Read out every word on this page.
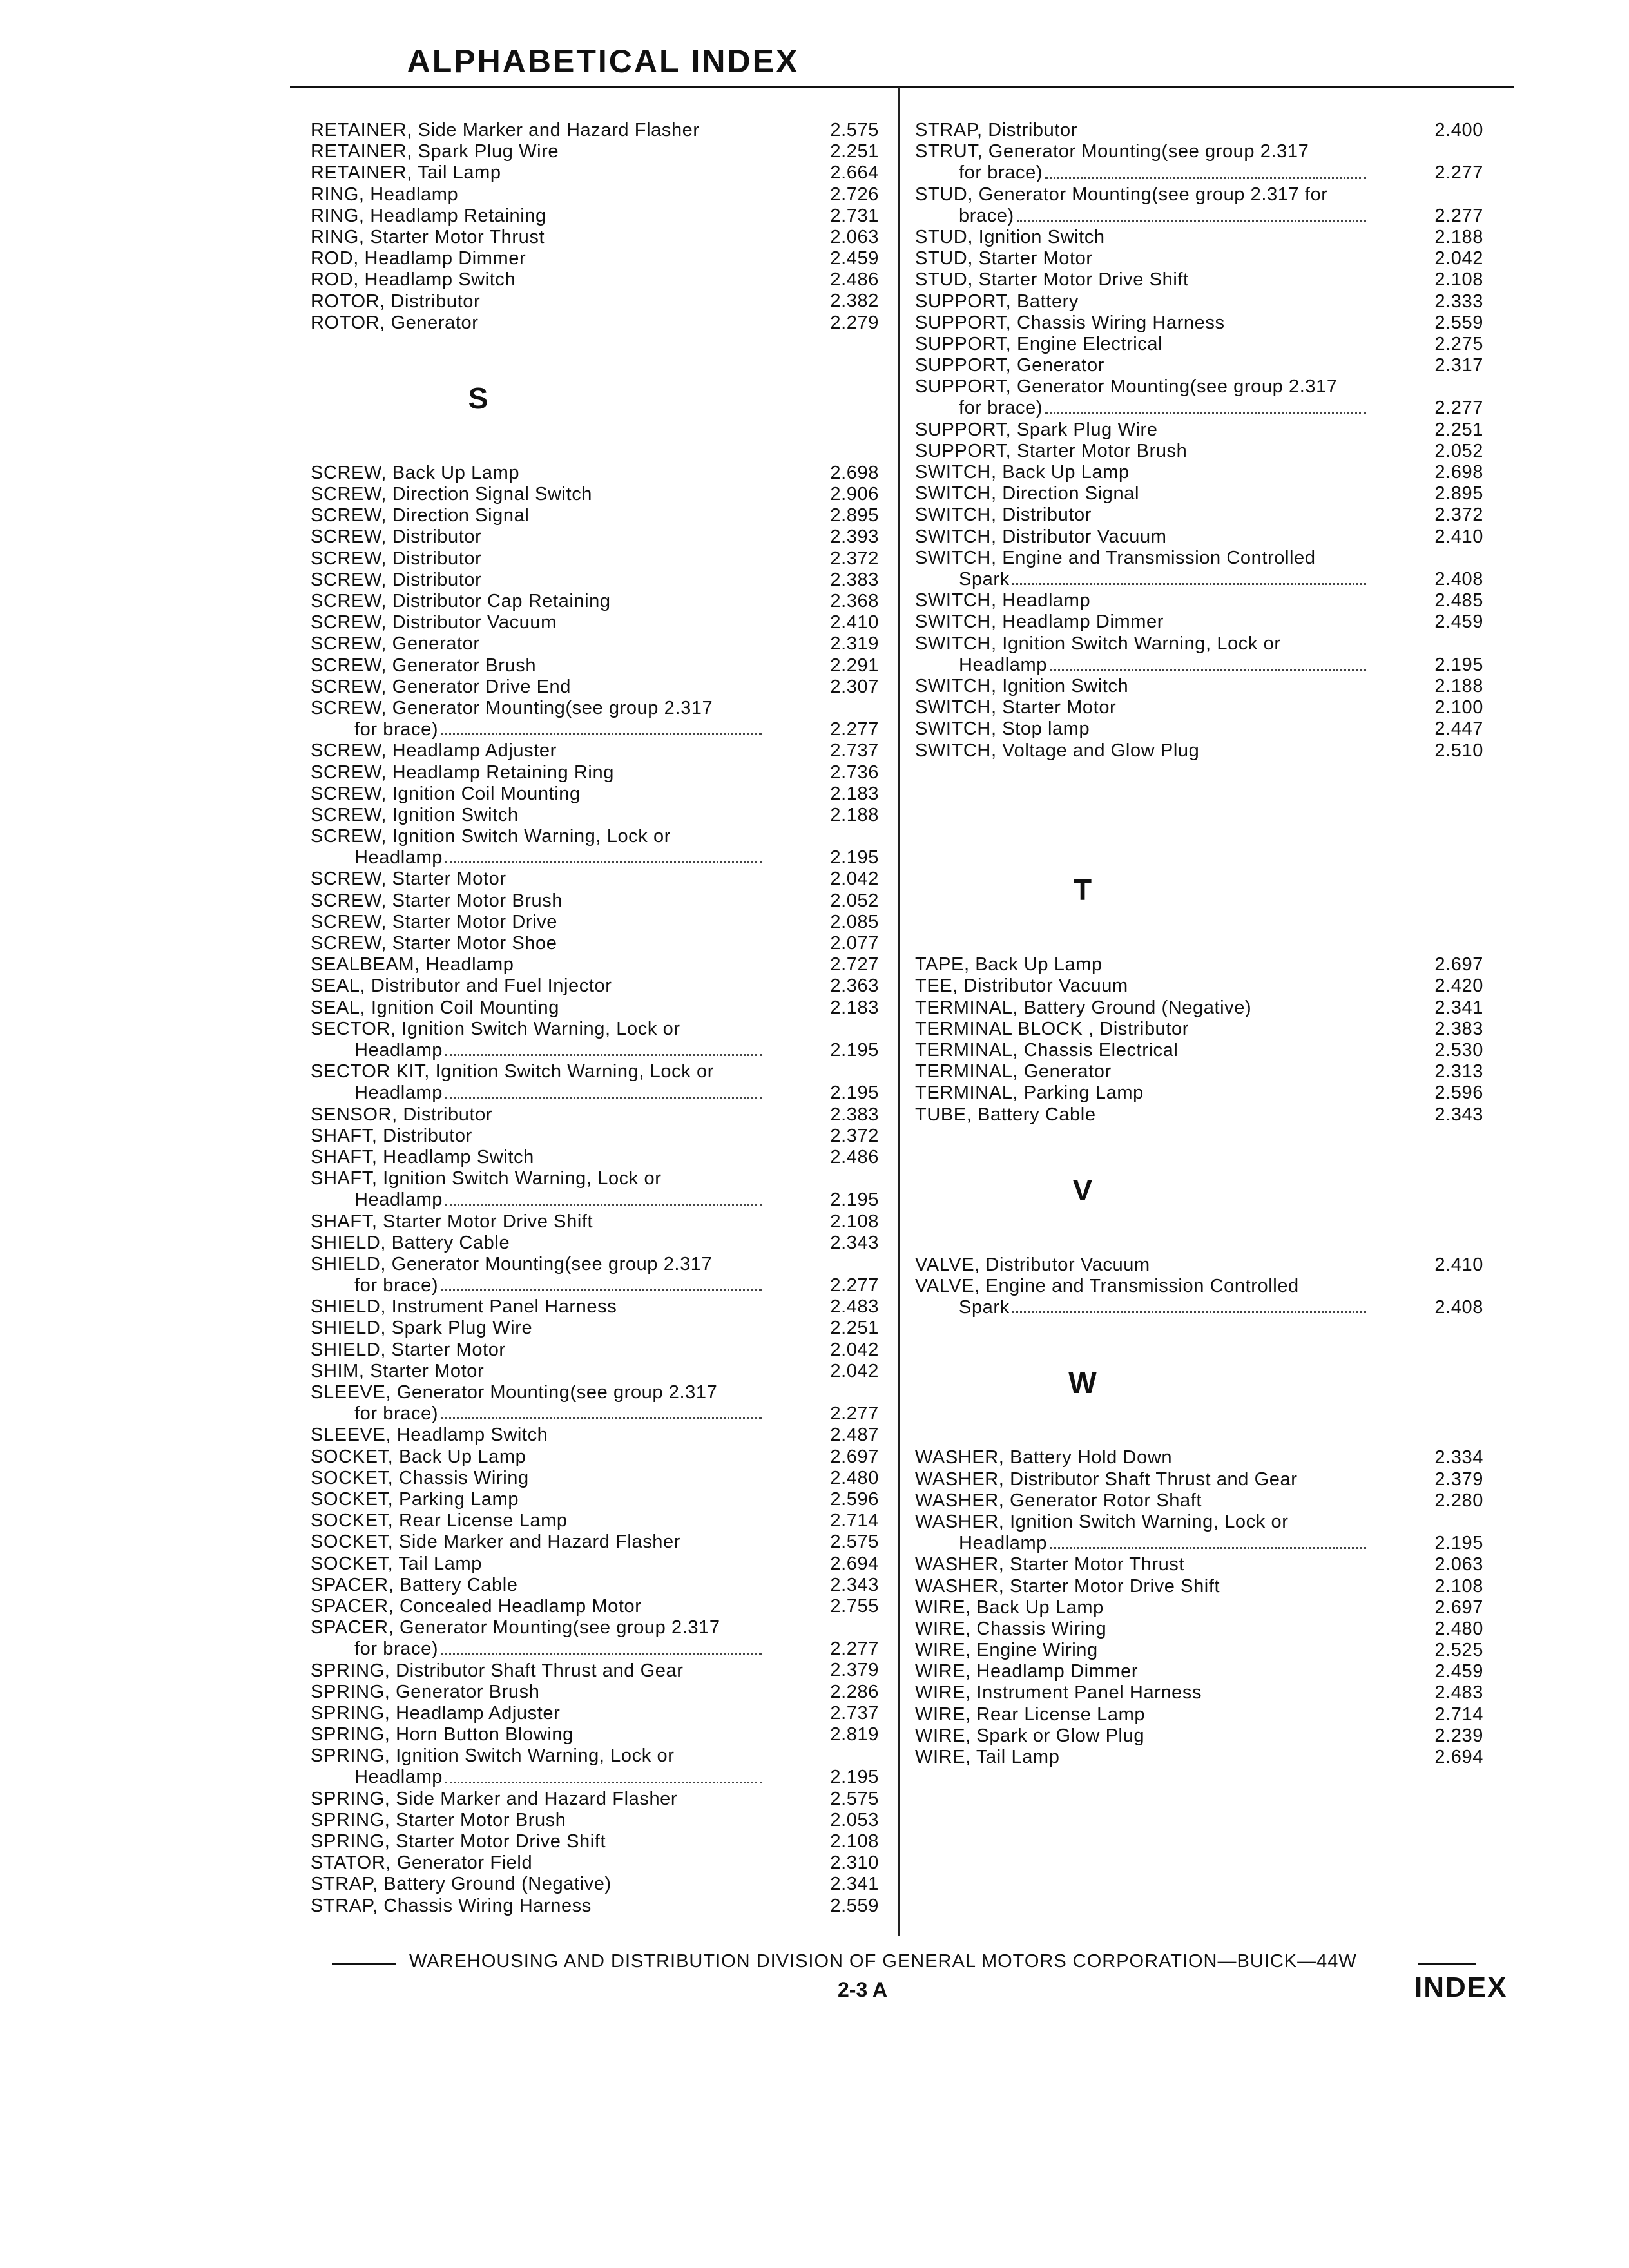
ALPHABETICAL INDEX
RETAINER, Side Marker and Hazard Flasher	2.575
RETAINER, Spark Plug Wire	2.251
RETAINER, Tail Lamp	2.664
RING, Headlamp	2.726
RING, Headlamp Retaining	2.731
RING, Starter Motor Thrust	2.063
ROD, Headlamp Dimmer	2.459
ROD, Headlamp Switch	2.486
ROTOR, Distributor	2.382
ROTOR, Generator	2.279
S
SCREW, Back Up Lamp	2.698
SCREW, Direction Signal Switch	2.906
SCREW, Direction Signal	2.895
SCREW, Distributor	2.393
SCREW, Distributor	2.372
SCREW, Distributor	2.383
SCREW, Distributor Cap Retaining	2.368
SCREW, Distributor Vacuum	2.410
SCREW, Generator	2.319
SCREW, Generator Brush	2.291
SCREW, Generator Drive End	2.307
SCREW, Generator Mounting(see group 2.317
for brace)	2.277
SCREW, Headlamp Adjuster	2.737
SCREW, Headlamp Retaining Ring	2.736
SCREW, Ignition Coil Mounting	2.183
SCREW, Ignition Switch	2.188
SCREW, Ignition Switch Warning, Lock or
Headlamp	2.195
SCREW, Starter Motor	2.042
SCREW, Starter Motor Brush	2.052
SCREW, Starter Motor Drive	2.085
SCREW, Starter Motor Shoe	2.077
SEALBEAM, Headlamp	2.727
SEAL, Distributor and Fuel Injector	2.363
SEAL, Ignition Coil Mounting	2.183
SECTOR, Ignition Switch Warning, Lock or
Headlamp	2.195
SECTOR KIT, Ignition Switch Warning, Lock or
Headlamp	2.195
SENSOR, Distributor	2.383
SHAFT, Distributor	2.372
SHAFT, Headlamp Switch	2.486
SHAFT, Ignition Switch Warning, Lock or
Headlamp	2.195
SHAFT, Starter Motor Drive Shift	2.108
SHIELD, Battery Cable	2.343
SHIELD, Generator Mounting(see group 2.317
for brace)	2.277
SHIELD, Instrument Panel Harness	2.483
SHIELD, Spark Plug Wire	2.251
SHIELD, Starter Motor	2.042
SHIM, Starter Motor	2.042
SLEEVE, Generator Mounting(see group 2.317
for brace)	2.277
SLEEVE, Headlamp Switch	2.487
SOCKET, Back Up Lamp	2.697
SOCKET, Chassis Wiring	2.480
SOCKET, Parking Lamp	2.596
SOCKET, Rear License Lamp	2.714
SOCKET, Side Marker and Hazard Flasher	2.575
SOCKET, Tail Lamp	2.694
SPACER, Battery Cable	2.343
SPACER, Concealed Headlamp Motor	2.755
SPACER, Generator Mounting(see group 2.317
for brace)	2.277
SPRING, Distributor Shaft Thrust and Gear	2.379
SPRING, Generator Brush	2.286
SPRING, Headlamp Adjuster	2.737
SPRING, Horn Button Blowing	2.819
SPRING, Ignition Switch Warning, Lock or
Headlamp	2.195
SPRING, Side Marker and Hazard Flasher	2.575
SPRING, Starter Motor Brush	2.053
SPRING, Starter Motor Drive Shift	2.108
STATOR, Generator Field	2.310
STRAP, Battery Ground (Negative)	2.341
STRAP, Chassis Wiring Harness	2.559
STRAP, Distributor	2.400
STRUT, Generator Mounting(see group 2.317
for brace)	2.277
STUD, Generator Mounting(see group 2.317 for
brace)	2.277
STUD, Ignition Switch	2.188
STUD, Starter Motor	2.042
STUD, Starter Motor Drive Shift	2.108
SUPPORT, Battery	2.333
SUPPORT, Chassis Wiring Harness	2.559
SUPPORT, Engine Electrical	2.275
SUPPORT, Generator	2.317
SUPPORT, Generator Mounting(see group 2.317
for brace)	2.277
SUPPORT, Spark Plug Wire	2.251
SUPPORT, Starter Motor Brush	2.052
SWITCH, Back Up Lamp	2.698
SWITCH, Direction Signal	2.895
SWITCH, Distributor	2.372
SWITCH, Distributor Vacuum	2.410
SWITCH, Engine and Transmission Controlled
Spark	2.408
SWITCH, Headlamp	2.485
SWITCH, Headlamp Dimmer	2.459
SWITCH, Ignition Switch Warning, Lock or
Headlamp	2.195
SWITCH, Ignition Switch	2.188
SWITCH, Starter Motor	2.100
SWITCH, Stop lamp	2.447
SWITCH, Voltage and Glow Plug	2.510
T
TAPE, Back Up Lamp	2.697
TEE, Distributor Vacuum	2.420
TERMINAL, Battery Ground (Negative)	2.341
TERMINAL BLOCK , Distributor	2.383
TERMINAL, Chassis Electrical	2.530
TERMINAL, Generator	2.313
TERMINAL, Parking Lamp	2.596
TUBE, Battery Cable	2.343
V
VALVE, Distributor Vacuum	2.410
VALVE, Engine and Transmission Controlled
Spark	2.408
W
WASHER, Battery Hold Down	2.334
WASHER, Distributor Shaft Thrust and Gear	2.379
WASHER, Generator Rotor Shaft	2.280
WASHER, Ignition Switch Warning, Lock or
Headlamp	2.195
WASHER, Starter Motor Thrust	2.063
WASHER, Starter Motor Drive Shift	2.108
WIRE, Back Up Lamp	2.697
WIRE, Chassis Wiring	2.480
WIRE, Engine Wiring	2.525
WIRE, Headlamp Dimmer	2.459
WIRE, Instrument Panel Harness	2.483
WIRE, Rear License Lamp	2.714
WIRE, Spark or Glow Plug	2.239
WIRE, Tail Lamp	2.694
WAREHOUSING AND DISTRIBUTION DIVISION OF GENERAL MOTORS CORPORATION—BUICK—44W
2-3 A	INDEX
